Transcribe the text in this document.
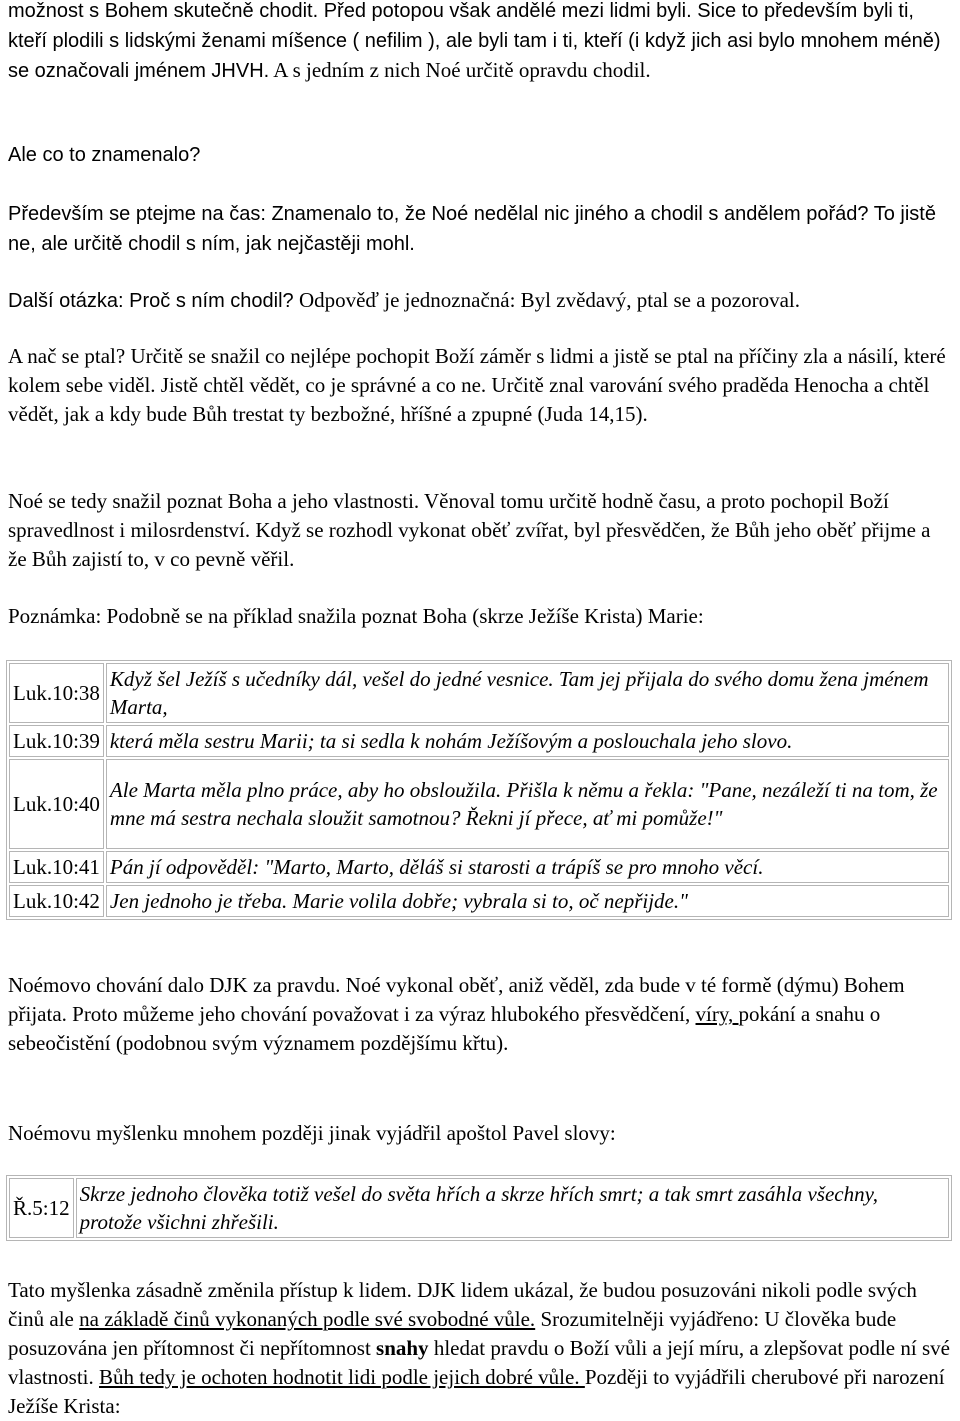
možnost s Bohem skutečně chodit. Před potopou však andělé mezi lidmi byli. Sice to především byli ti, kteří plodili s lidskými ženami míšence ( nefilim ), ale byli tam i ti, kteří (i když jich asi bylo mnohem méně) se označovali jménem JHVH. A s jedním z nich Noé určitě opravdu chodil.

Ale co to znamenalo?

Především se ptejme na čas: Znamenalo to, že Noé nedělal nic jiného a chodil s andělem pořád? To jistě ne, ale určitě chodil s ním, jak nejčastěji mohl.

Další otázka: Proč s ním chodil? Odpověď je jednoznačná: Byl zvědavý, ptal se a pozoroval.

A nač se ptal? Určitě se snažil co nejlépe pochopit Boží záměr s lidmi a jistě se ptal na příčiny zla a násilí, které kolem sebe viděl. Jistě chtěl vědět, co je správné a co ne. Určitě znal varování svého praděda Henocha a chtěl vědět, jak a kdy bude Bůh trestat ty bezbožné, hříšné a zpupné (Juda 14,15).

Noé se tedy snažil poznat Boha a jeho vlastnosti. Věnoval tomu určitě hodně času, a proto pochopil Boží spravedlnost i milosrdenství. Když se rozhodl vykonat oběť zvířat, byl přesvědčen, že Bůh jeho oběť přijme a že Bůh zajistí to, v co pevně věřil.

Poznámka: Podobně se na příklad snažila poznat Boha (skrze Ježíše Krista) Marie:

Luk.10:38	Když šel Ježíš s učedníky dál, vešel do jedné vesnice. Tam jej přijala do svého domu žena jménem Marta,
Luk.10:39	která měla sestru Marii; ta si sedla k nohám Ježíšovým a poslouchala jeho slovo.
Luk.10:40	Ale Marta měla plno práce, aby ho obsloužila. Přišla k němu a řekla: "Pane, nezáleží ti na tom, že mne má sestra nechala sloužit samotnou? Řekni jí přece, ať mi pomůže!"
Luk.10:41	Pán jí odpověděl: "Marto, Marto, děláš si starosti a trápíš se pro mnoho věcí.
Luk.10:42	Jen jednoho je třeba. Marie volila dobře; vybrala si to, oč nepřijde."

Noémovo chování dalo DJK za pravdu. Noé vykonal oběť, aniž věděl, zda bude v té formě (dýmu) Bohem přijata. Proto můžeme jeho chování považovat i za výraz hlubokého přesvědčení, víry, pokání a snahu o sebeočistění (podobnou svým významem pozdějšímu křtu).

Noémovu myšlenku mnohem později jinak vyjádřil apoštol Pavel slovy:

Ř.5:12	Skrze jednoho člověka totiž vešel do světa hřích a skrze hřích smrt; a tak smrt zasáhla všechny, protože všichni zhřešili.

Tato myšlenka zásadně změnila přístup k lidem. DJK lidem ukázal, že budou posuzováni nikoli podle svých činů ale na základě činů vykonaných podle své svobodné vůle. Srozumitelněji vyjádřeno: U člověka bude posuzována jen přítomnost či nepřítomnost snahy hledat pravdu o Boží vůli a její míru, a zlepšovat podle ní své vlastnosti. Bůh tedy je ochoten hodnotit lidi podle jejich dobré vůle. Později to vyjádřili cherubové při narození Ježíše Krista:
